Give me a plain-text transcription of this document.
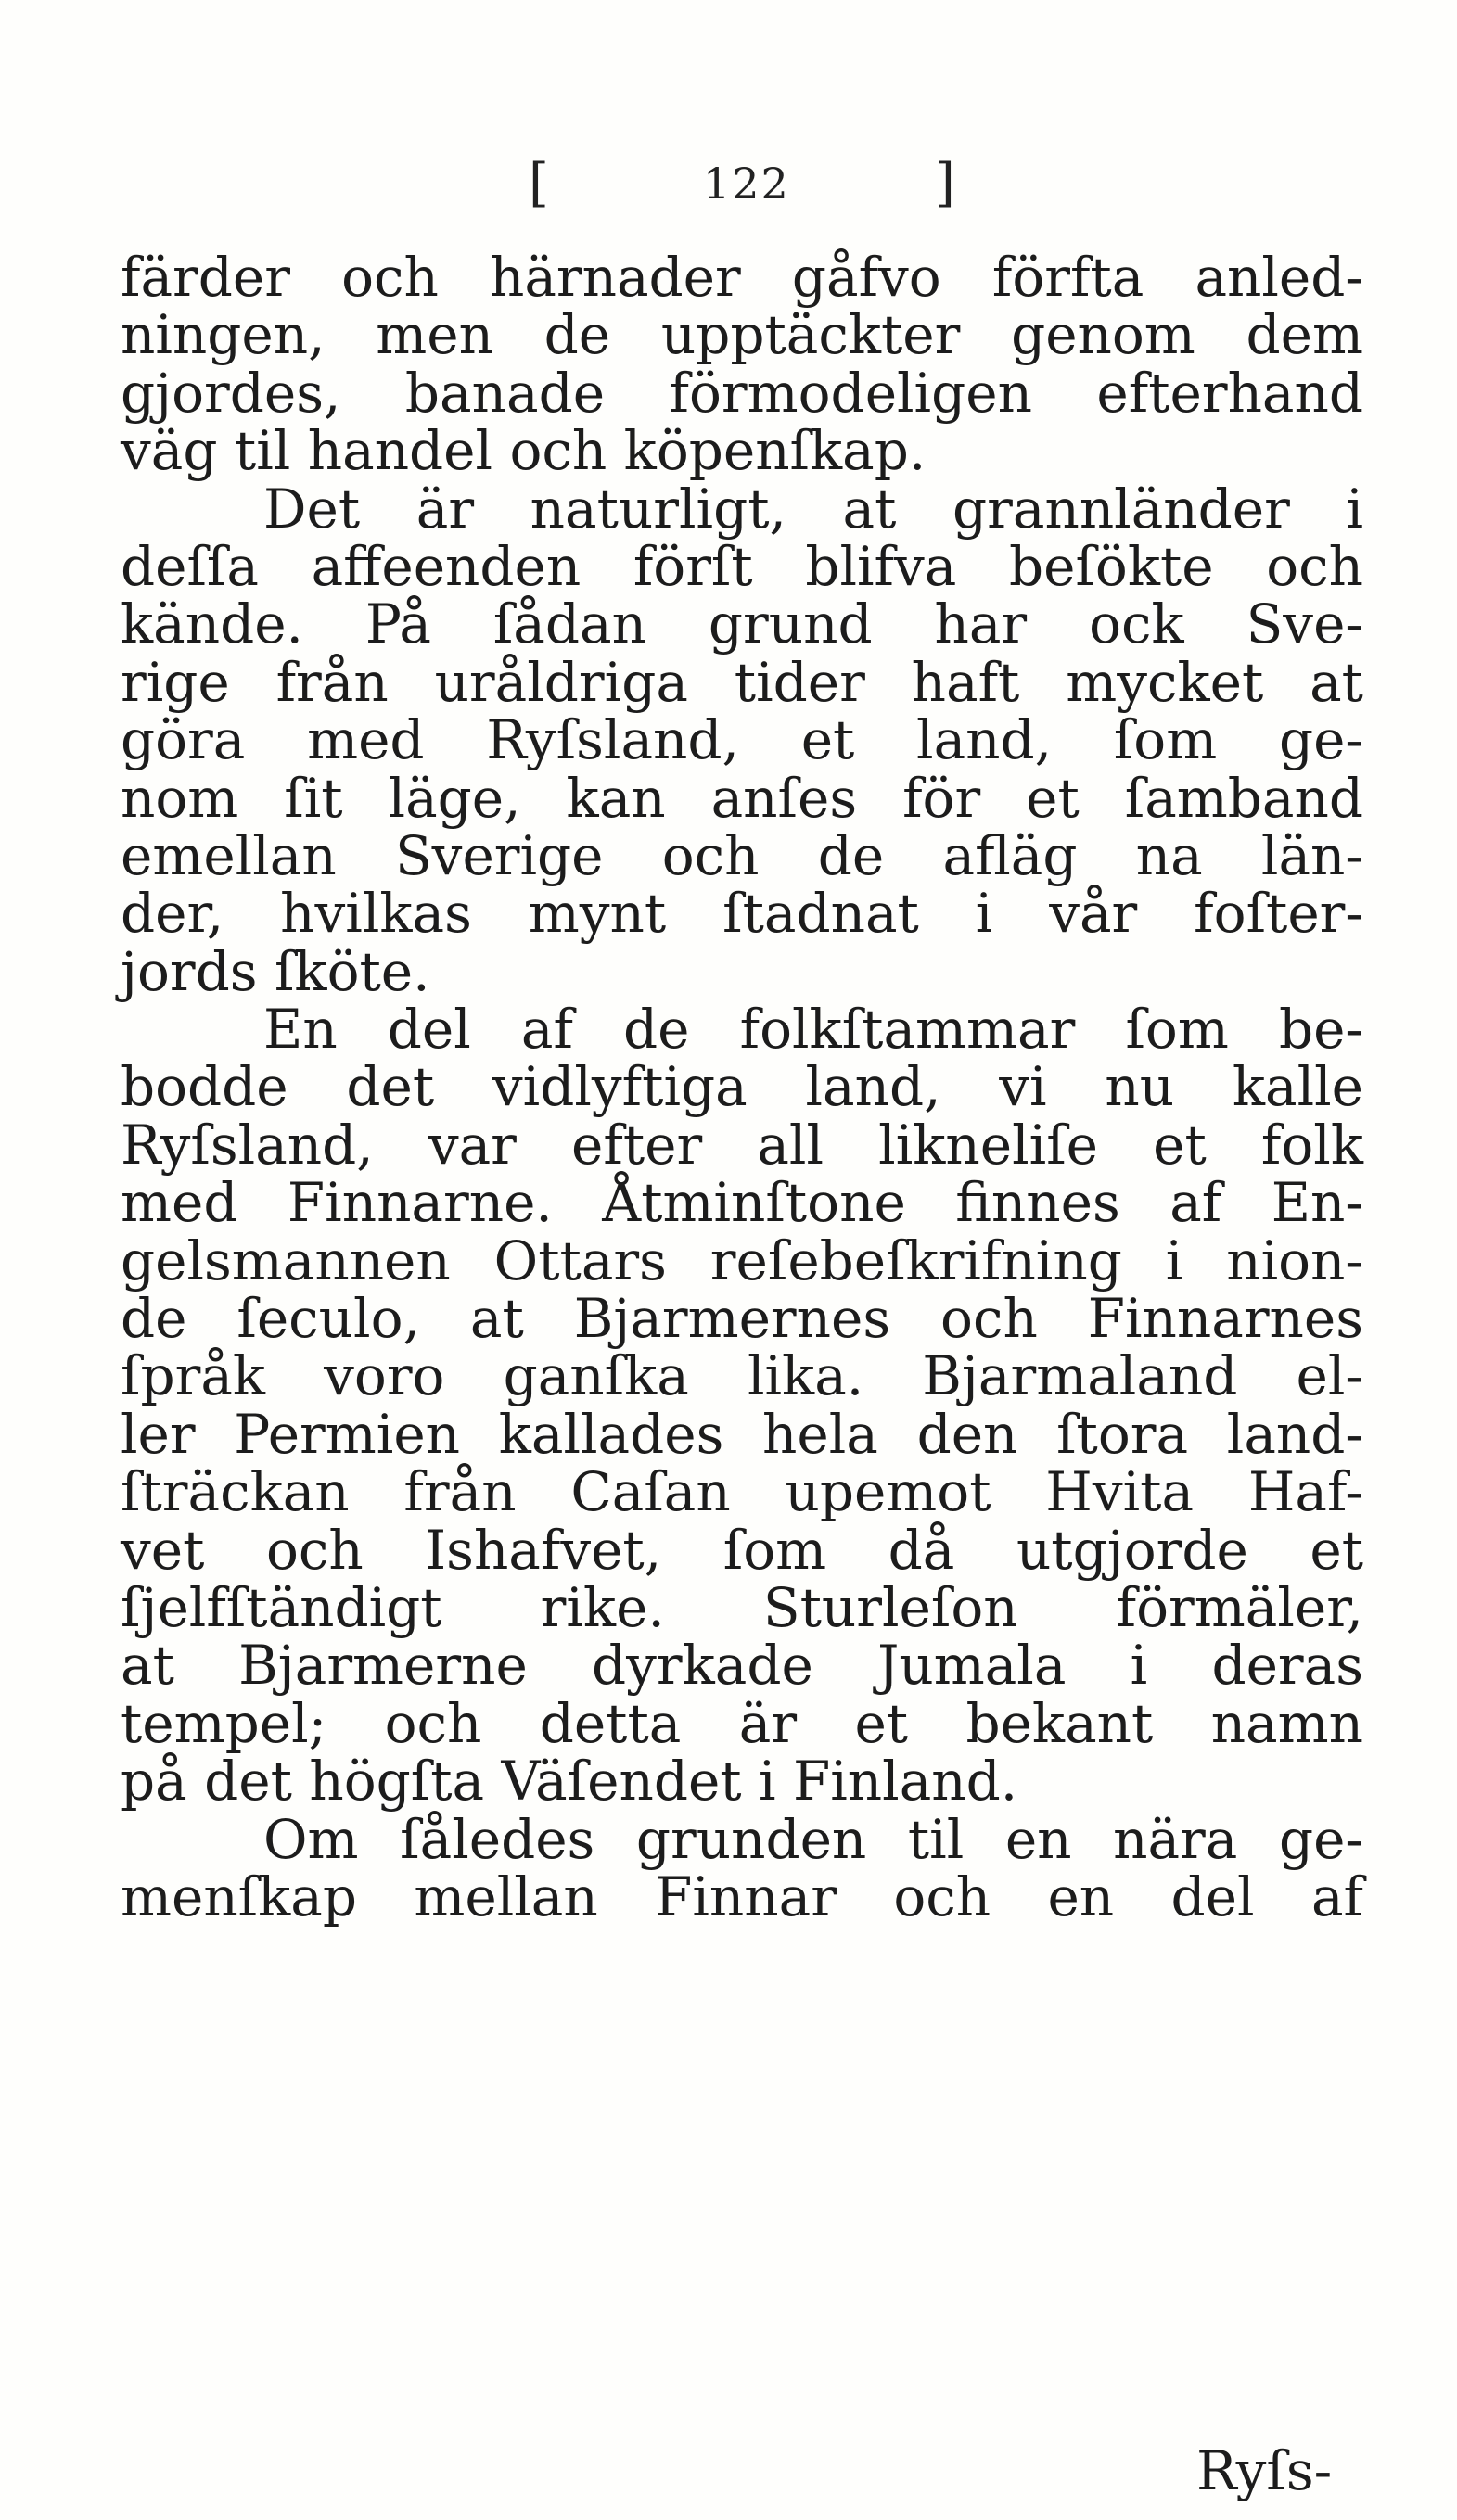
[	122	]
färder och härnader gåfvo förfta anled-
ningen, men de upptäckter genom dem
gjordes, banade förmodeligen efterhand
väg til handel och köpenſkap.
Det är naturligt, at grannländer i
deſſa affeenden förſt blifva beſökte och
kände. På ſådan grund har ock Sve-
rige från uråldriga tider haft mycket at
göra med Ryſsland, et land, ſom ge-
nom ſit läge, kan anſes för et ſamband
emellan Sverige och de afläg na län-
der, hvilkas mynt ſtadnat i vår foſter-
jords ſköte.
En del af de folkſtammar ſom be-
bodde det vidlyftiga land, vi nu kalle
Ryſsland, var efter all likneliſe et folk
med Finnarne. Åtminſtone finnes af En-
gelsmannen Ottars reſebeſkrifning i nion-
de ſeculo, at Bjarmernes och Finnarnes
ſpråk voro ganſka lika. Bjarmaland el-
ler Permien kallades hela den ſtora land-
ſträckan från Caſan upemot Hvita Haf-
vet och Ishafvet, ſom då utgjorde et
ſjelfſtändigt rike. Sturleſon förmäler,
at Bjarmerne dyrkade Jumala i deras
tempel; och detta är et bekant namn
på det högſta Väſendet i Finland.
Om ſåledes grunden til en nära ge-
menſkap mellan Finnar och en del af
Ryſs-
